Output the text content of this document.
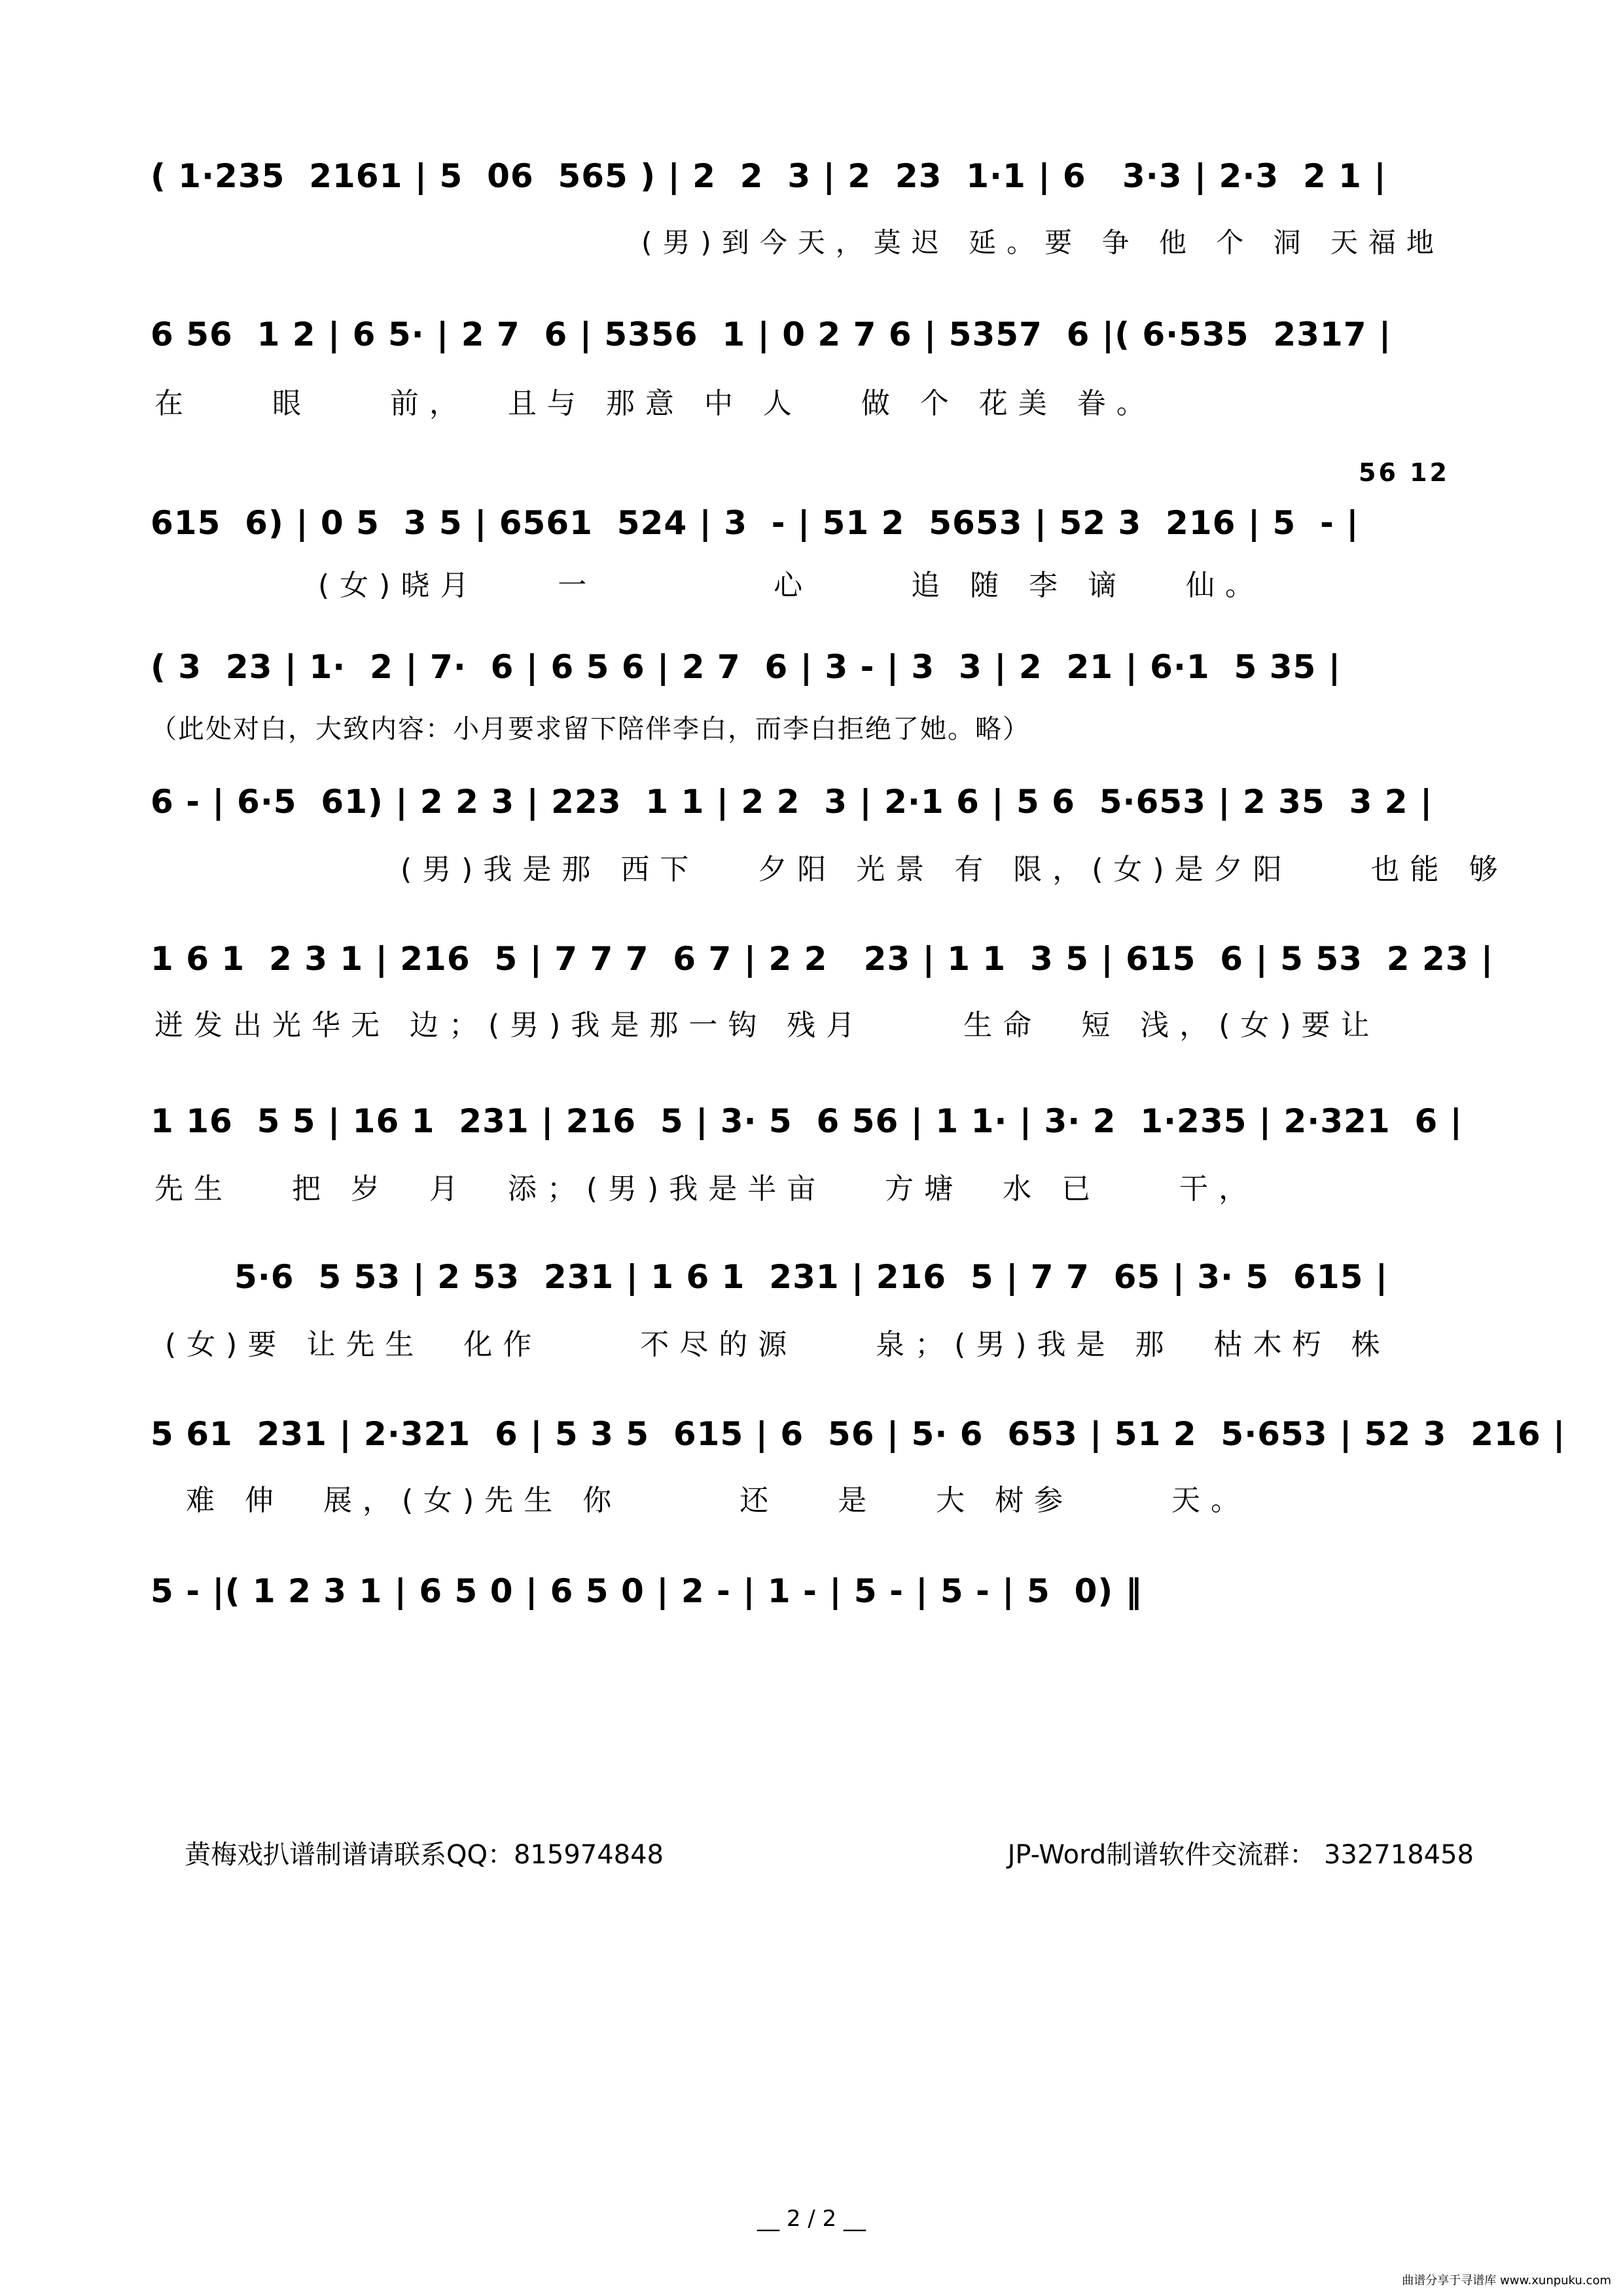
( 1·235  2161 | 5  06  565 ) | 2  2  3 | 2  23  1·1 | 6   3·3 | 2·3  2 1 |
(男)到今天，莫迟 延。要 争 他 个 洞 天福地
6 56  1 2 | 6 5· | 2 7  6 | 5356  1 | 0 2 7 6 | 5357  6 |( 6·535  2317 |
在    眼    前，  且与 那意 中 人   做 个 花美 眷。
56 12
615  6) | 0 5  3 5 | 6561  524 | 3  - | 51 2  5653 | 52 3  216 | 5  - |
(女)晓月    一         心     追 随 李 谪   仙。
( 3  23 | 1·  2 | 7·  6 | 6 5 6 | 2 7  6 | 3 - | 3  3 | 2  21 | 6·1  5 35 |
（此处对白，大致内容：小月要求留下陪伴李白，而李白拒绝了她。略）
6 - | 6·5  61) | 2 2 3 | 223  1 1 | 2 2  3 | 2·1 6 | 5 6  5·653 | 2 35  3 2 |
(男)我是那 西下   夕阳 光景 有 限，(女)是夕阳    也能 够
1 6 1  2 3 1 | 216  5 | 7 7 7  6 7 | 2 2   23 | 1 1  3 5 | 615  6 | 5 53  2 23 |
迸发出光华无 边；(男)我是那一钩 残月     生命  短 浅，(女)要让
1 16  5 5 | 16 1  231 | 216  5 | 3· 5  6 56 | 1 1· | 3· 2  1·235 | 2·321  6 |
先生   把 岁  月  添；(男)我是半亩   方塘  水 已    干，
5·6  5 53 | 2 53  231 | 1 6 1  231 | 216  5 | 7 7  65 | 3· 5  615 |
(女)要 让先生  化作     不尽的源    泉；(男)我是 那  枯木朽 株
5 61  231 | 2·321  6 | 5 3 5  615 | 6  56 | 5· 6  653 | 51 2  5·653 | 52 3  216 |
难 伸  展，(女)先生 你      还   是   大 树参     天。
5 - |( 1 2 3 1 | 6 5 0 | 6 5 0 | 2 - | 1 - | 5 - | 5 - | 5  0) ‖
黄梅戏扒谱制谱请联系QQ：815974848	JP-Word制谱软件交流群： 332718458
__ 2 / 2 __
曲谱分享于寻谱库 www.xunpuku.com
